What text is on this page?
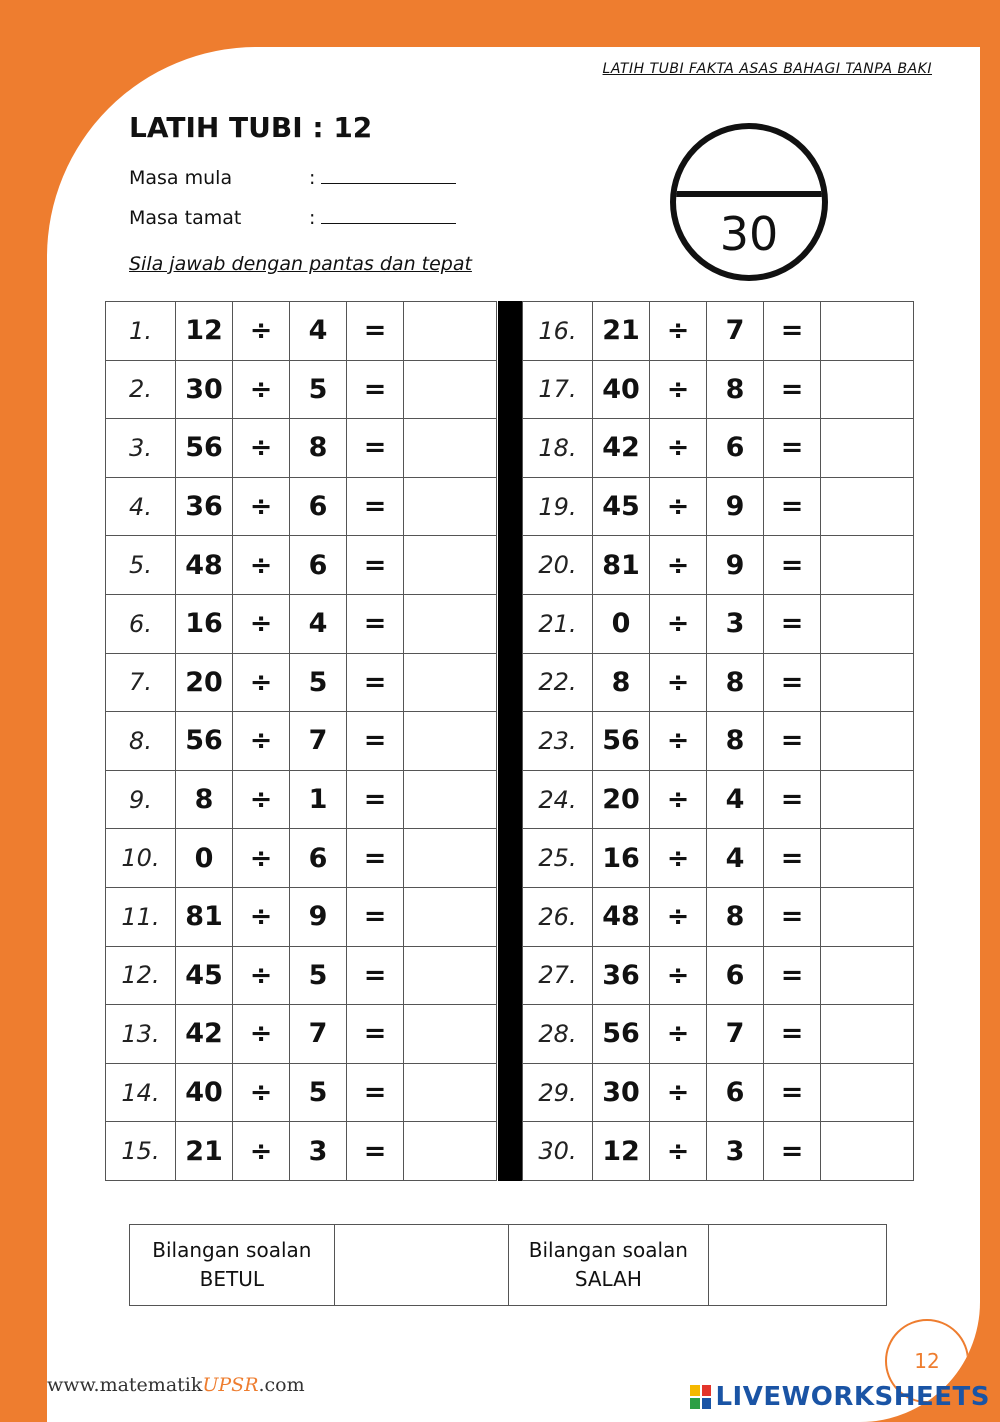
LATIH TUBI FAKTA ASAS BAHAGI TANPA BAKI
LATIH TUBI : 12
Masa mula	:
Masa tamat	:
Sila jawab dengan pantas dan tepat
30
1.	12	÷	4	=	
2.	30	÷	5	=	
3.	56	÷	8	=	
4.	36	÷	6	=	
5.	48	÷	6	=	
6.	16	÷	4	=	
7.	20	÷	5	=	
8.	56	÷	7	=	
9.	8	÷	1	=	
10.	0	÷	6	=	
11.	81	÷	9	=	
12.	45	÷	5	=	
13.	42	÷	7	=	
14.	40	÷	5	=	
15.	21	÷	3	=	
16.	21	÷	7	=	
17.	40	÷	8	=	
18.	42	÷	6	=	
19.	45	÷	9	=	
20.	81	÷	9	=	
21.	0	÷	3	=	
22.	8	÷	8	=	
23.	56	÷	8	=	
24.	20	÷	4	=	
25.	16	÷	4	=	
26.	48	÷	8	=	
27.	36	÷	6	=	
28.	56	÷	7	=	
29.	30	÷	6	=	
30.	12	÷	3	=	
Bilangan soalan
BETUL
Bilangan soalan
SALAH
www.matematikUPSR.com
12
LIVEWORKSHEETS
